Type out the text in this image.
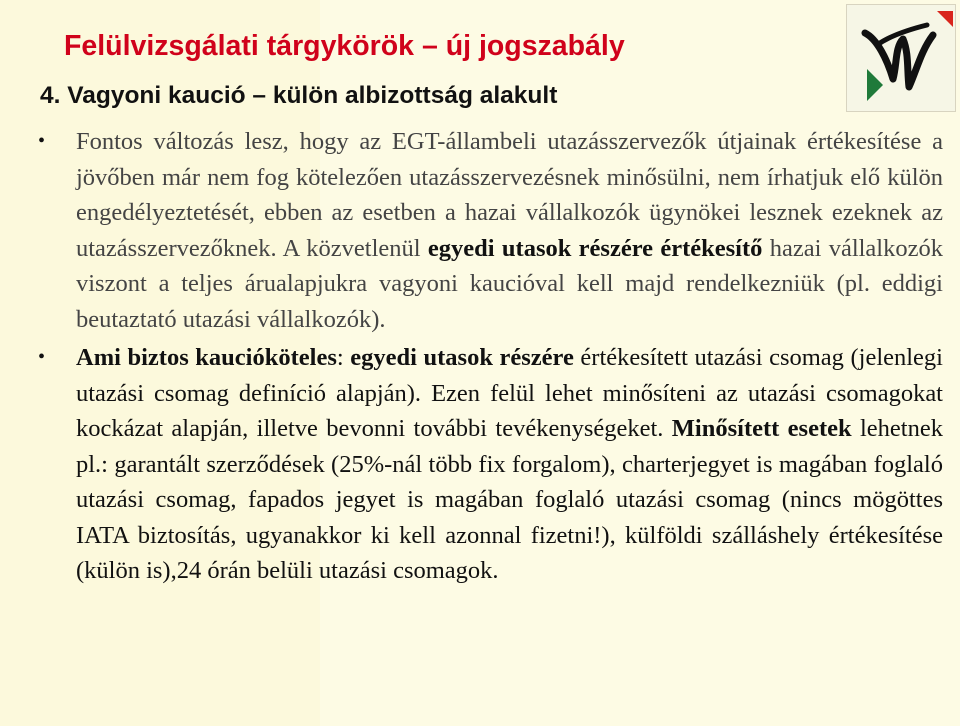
Felülvizsgálati tárgykörök – új jogszabály
4. Vagyoni kaució – külön albizottság alakult
• Fontos változás lesz, hogy az EGT-állambeli utazásszervezők útjainak értékesítése a jövőben már nem fog kötelezően utazásszervezésnek minősülni, nem írhatjuk elő külön engedélyeztetését, ebben az esetben a hazai vállalkozók ügynökei lesznek ezeknek az utazásszervezőknek. A közvetlenül egyedi utasok részére értékesítő hazai vállalkozók viszont a teljes árualapjukra vagyoni kaucióval kell majd rendelkezniük (pl. eddigi beutaztató utazási vállalkozók).
• Ami biztos kaucióköteles: egyedi utasok részére értékesített utazási csomag (jelenlegi utazási csomag definíció alapján). Ezen felül lehet minősíteni az utazási csomagokat kockázat alapján, illetve bevonni további tevékenységeket. Minősített esetek lehetnek pl.: garantált szerződések (25%-nál több fix forgalom), charterjegyet is magában foglaló utazási csomag, fapados jegyet is magában foglaló utazási csomag (nincs mögöttes IATA biztosítás, ugyanakkor ki kell azonnal fizetni!), külföldi szálláshely értékesítése (külön is),24 órán belüli utazási csomagok.
